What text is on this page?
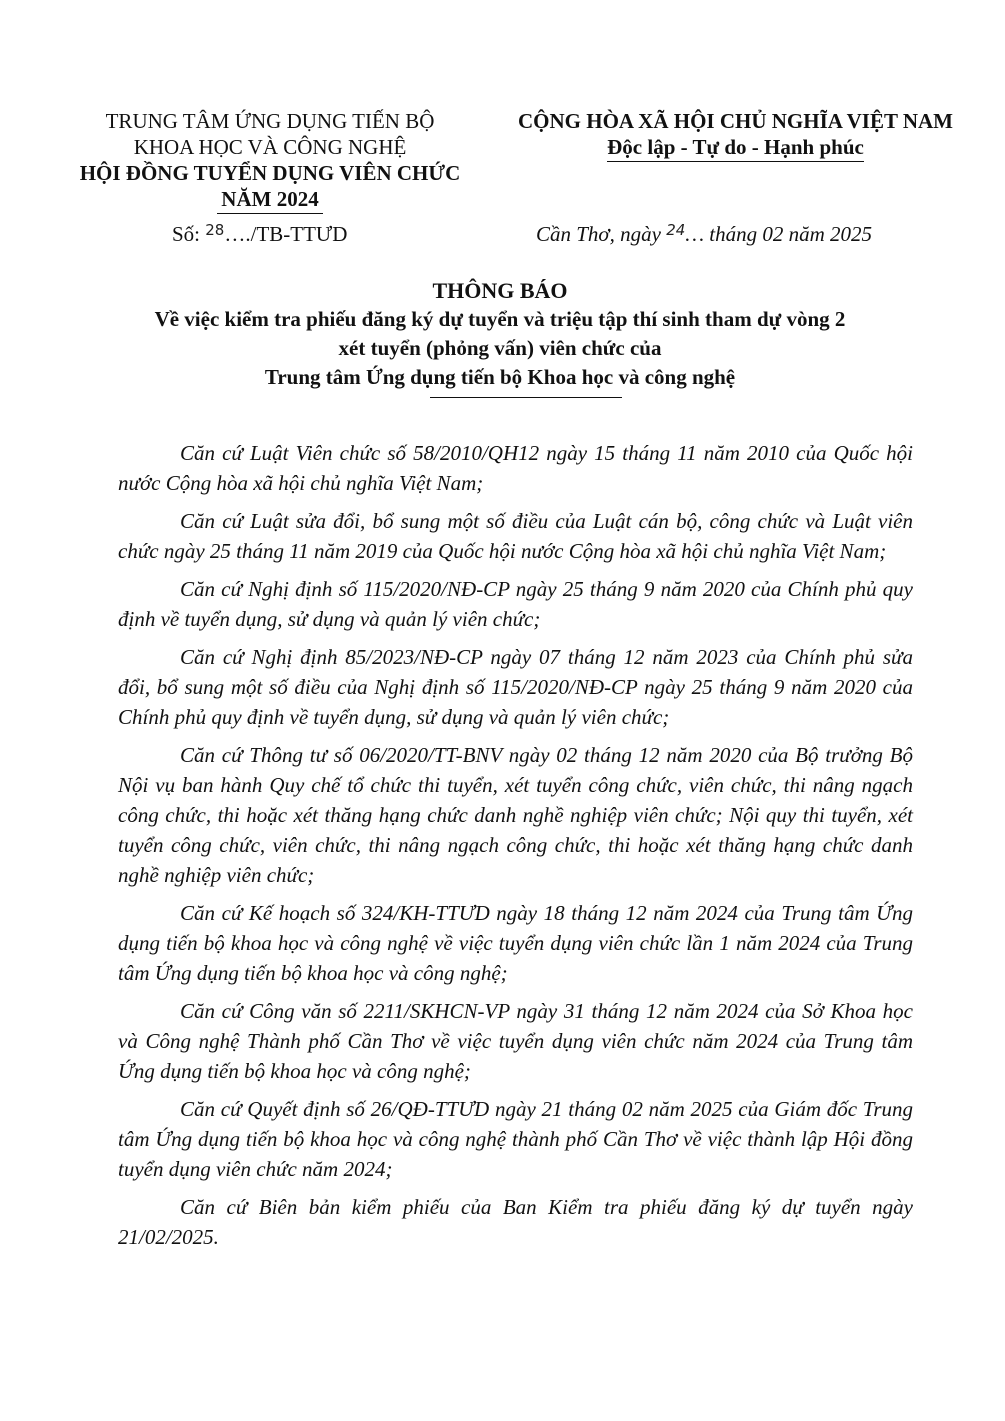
TRUNG TÂM ỨNG DỤNG TIẾN BỘ
KHOA HỌC VÀ CÔNG NGHỆ
HỘI ĐỒNG TUYỂN DỤNG VIÊN CHỨC
NĂM 2024
CỘNG HÒA XÃ HỘI CHỦ NGHĨA VIỆT NAM
Độc lập - Tự do - Hạnh phúc
Số: $^{28}$…./TB-TTƯD	Cần Thơ, ngày $^{24}$… tháng 02 năm 2025
THÔNG BÁO
Về việc kiểm tra phiếu đăng ký dự tuyển và triệu tập thí sinh tham dự vòng 2
xét tuyển (phỏng vấn) viên chức của
Trung tâm Ứng dụng tiến bộ Khoa học và công nghệ

Căn cứ Luật Viên chức số 58/2010/QH12 ngày 15 tháng 11 năm 2010 của Quốc hội nước Cộng hòa xã hội chủ nghĩa Việt Nam;

Căn cứ Luật sửa đổi, bổ sung một số điều của Luật cán bộ, công chức và Luật viên chức ngày 25 tháng 11 năm 2019 của Quốc hội nước Cộng hòa xã hội chủ nghĩa Việt Nam;

Căn cứ Nghị định số 115/2020/NĐ-CP ngày 25 tháng 9 năm 2020 của Chính phủ quy định về tuyển dụng, sử dụng và quản lý viên chức;

Căn cứ Nghị định 85/2023/NĐ-CP ngày 07 tháng 12 năm 2023 của Chính phủ sửa đổi, bổ sung một số điều của Nghị định số 115/2020/NĐ-CP ngày 25 tháng 9 năm 2020 của Chính phủ quy định về tuyển dụng, sử dụng và quản lý viên chức;

Căn cứ Thông tư số 06/2020/TT-BNV ngày 02 tháng 12 năm 2020 của Bộ trưởng Bộ Nội vụ ban hành Quy chế tổ chức thi tuyển, xét tuyển công chức, viên chức, thi nâng ngạch công chức, thi hoặc xét thăng hạng chức danh nghề nghiệp viên chức; Nội quy thi tuyển, xét tuyển công chức, viên chức, thi nâng ngạch công chức, thi hoặc xét thăng hạng chức danh nghề nghiệp viên chức;

Căn cứ Kế hoạch số 324/KH-TTƯD ngày 18 tháng 12 năm 2024 của Trung tâm Ứng dụng tiến bộ khoa học và công nghệ về việc tuyển dụng viên chức lần 1 năm 2024 của Trung tâm Ứng dụng tiến bộ khoa học và công nghệ;

Căn cứ Công văn số 2211/SKHCN-VP ngày 31 tháng 12 năm 2024 của Sở Khoa học và Công nghệ Thành phố Cần Thơ về việc tuyển dụng viên chức năm 2024 của Trung tâm Ứng dụng tiến bộ khoa học và công nghệ;

Căn cứ Quyết định số 26/QĐ-TTƯD ngày 21 tháng 02 năm 2025 của Giám đốc Trung tâm Ứng dụng tiến bộ khoa học và công nghệ thành phố Cần Thơ về việc thành lập Hội đồng tuyển dụng viên chức năm 2024;

Căn cứ Biên bản kiểm phiếu của Ban Kiểm tra phiếu đăng ký dự tuyển ngày 21/02/2025.
